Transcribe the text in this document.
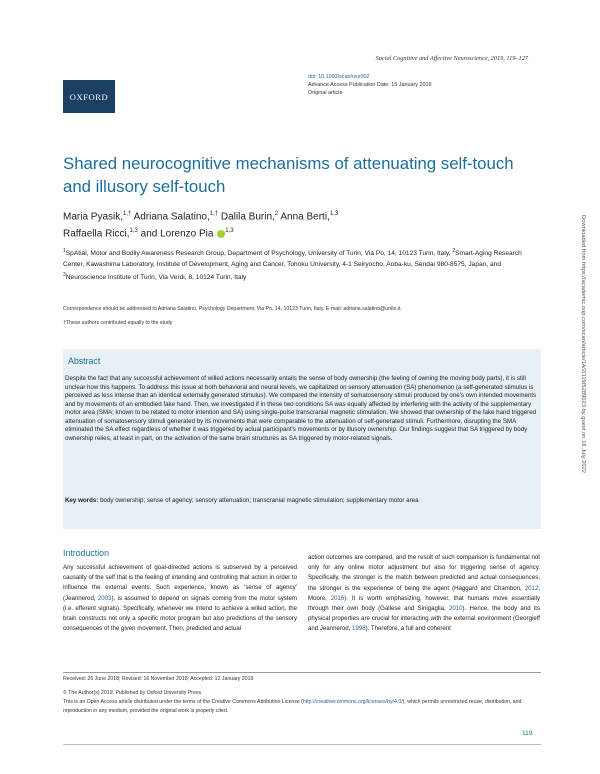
Social Cognitive and Affective Neuroscience, 2019, 119–127
OXFORD
doi: 10.1093/scan/nsz002
Advance Access Publication Date: 15 January 2019
Original article
Shared neurocognitive mechanisms of attenuating self-touch and illusory self-touch
Maria Pyasik,$^{1,\dagger}$ Adriana Salatino,$^{1,\dagger}$ Dalila Burin,$^2$ Anna Berti,$^{1,3}$
Raffaella Ricci,$^{1,3}$ and Lorenzo Pia $^{1,3}$
$^1$SpAtial, Motor and Bodily Awareness Research Group, Department of Psychology, University of Turin, Via Po, 14, 10123 Turin, Italy, $^2$Smart-Aging Research Center, Kawashima Laboratory, Institute of Development, Aging and Cancer, Tohoku University, 4-1 Seiryocho, Aoba-ku, Sendai 980-8575, Japan, and $^3$Neuroscience Institute of Turin, Via Verdi, 8, 10124 Turin, Italy
Correspondence should be addressed to Adriana Salatino, Psychology Department, Via Po, 14, 10123 Turin, Italy. E-mail: adriana.salatino@unito.it.
†These authors contributed equally to the study	Downloaded from https://academic.oup.com/scan/article/14/2/119/5289023 by guest on 16 July 2022
Abstract
Despite the fact that any successful achievement of willed actions necessarily entails the sense of body ownership (the feeling of owning the moving body parts), it is still unclear how this happens. To address this issue at both behavioral and neural levels, we capitalized on sensory attenuation (SA) phenomenon (a self-generated stimulus is perceived as less intense than an identical externally generated stimulus). We compared the intensity of somatosensory stimuli produced by one's own intended movements and by movements of an embodied fake hand. Then, we investigated if in these two conditions SA was equally affected by interfering with the activity of the supplementary motor area (SMA; known to be related to motor intention and SA) using single-pulse transcranial magnetic stimulation. We showed that ownership of the fake hand triggered attenuation of somatosensory stimuli generated by its movements that were comparable to the attenuation of self-generated stimuli. Furthermore, disrupting the SMA eliminated the SA effect regardless of whether it was triggered by actual participant's movements or by illusory ownership. Our findings suggest that SA triggered by body ownership relies, at least in part, on the activation of the same brain structures as SA triggered by motor-related signals.
Key words: body ownership; sense of agency; sensory attenuation; transcranial magnetic stimulation; supplementary motor area
Introduction
Any successful achievement of goal-directed actions is subserved by a perceived causality of the self that is the feeling of intending and controlling that action in order to influence the external events. Such experience, known as ‘sense of agency’ (Jeannerod, 2003), is assumed to depend on signals coming from the motor system (i.e. efferent signals). Specifically, whenever we intend to achieve a willed action, the brain constructs not only a specific motor program but also predictions of the sensory consequences of the given movement. Then, predicted and actual
action outcomes are compared, and the result of such comparison is fundamental not only for any online motor adjustment but also for triggering sense of agency. Specifically, the stronger is the match between predicted and actual consequences, the stronger is the experience of being the agent (Haggard and Chambon, 2012; Moore, 2016). It is worth emphasizing, however, that humans move essentially through their own body (Gallese and Sinigaglia, 2010). Hence, the body and its physical properties are crucial for interacting with the external environment (Georgieff and Jeannerod, 1998). Therefore, a full and coherent
Received: 26 June 2018; Revised: 16 November 2018; Accepted: 12 January 2019
© The Author(s) 2019. Published by Oxford University Press.
This is an Open Access article distributed under the terms of the Creative Commons Attribution License (http://creativecommons.org/licenses/by/4.0/), which permits unrestricted reuse, distribution, and reproduction in any medium, provided the original work is properly cited.
119
